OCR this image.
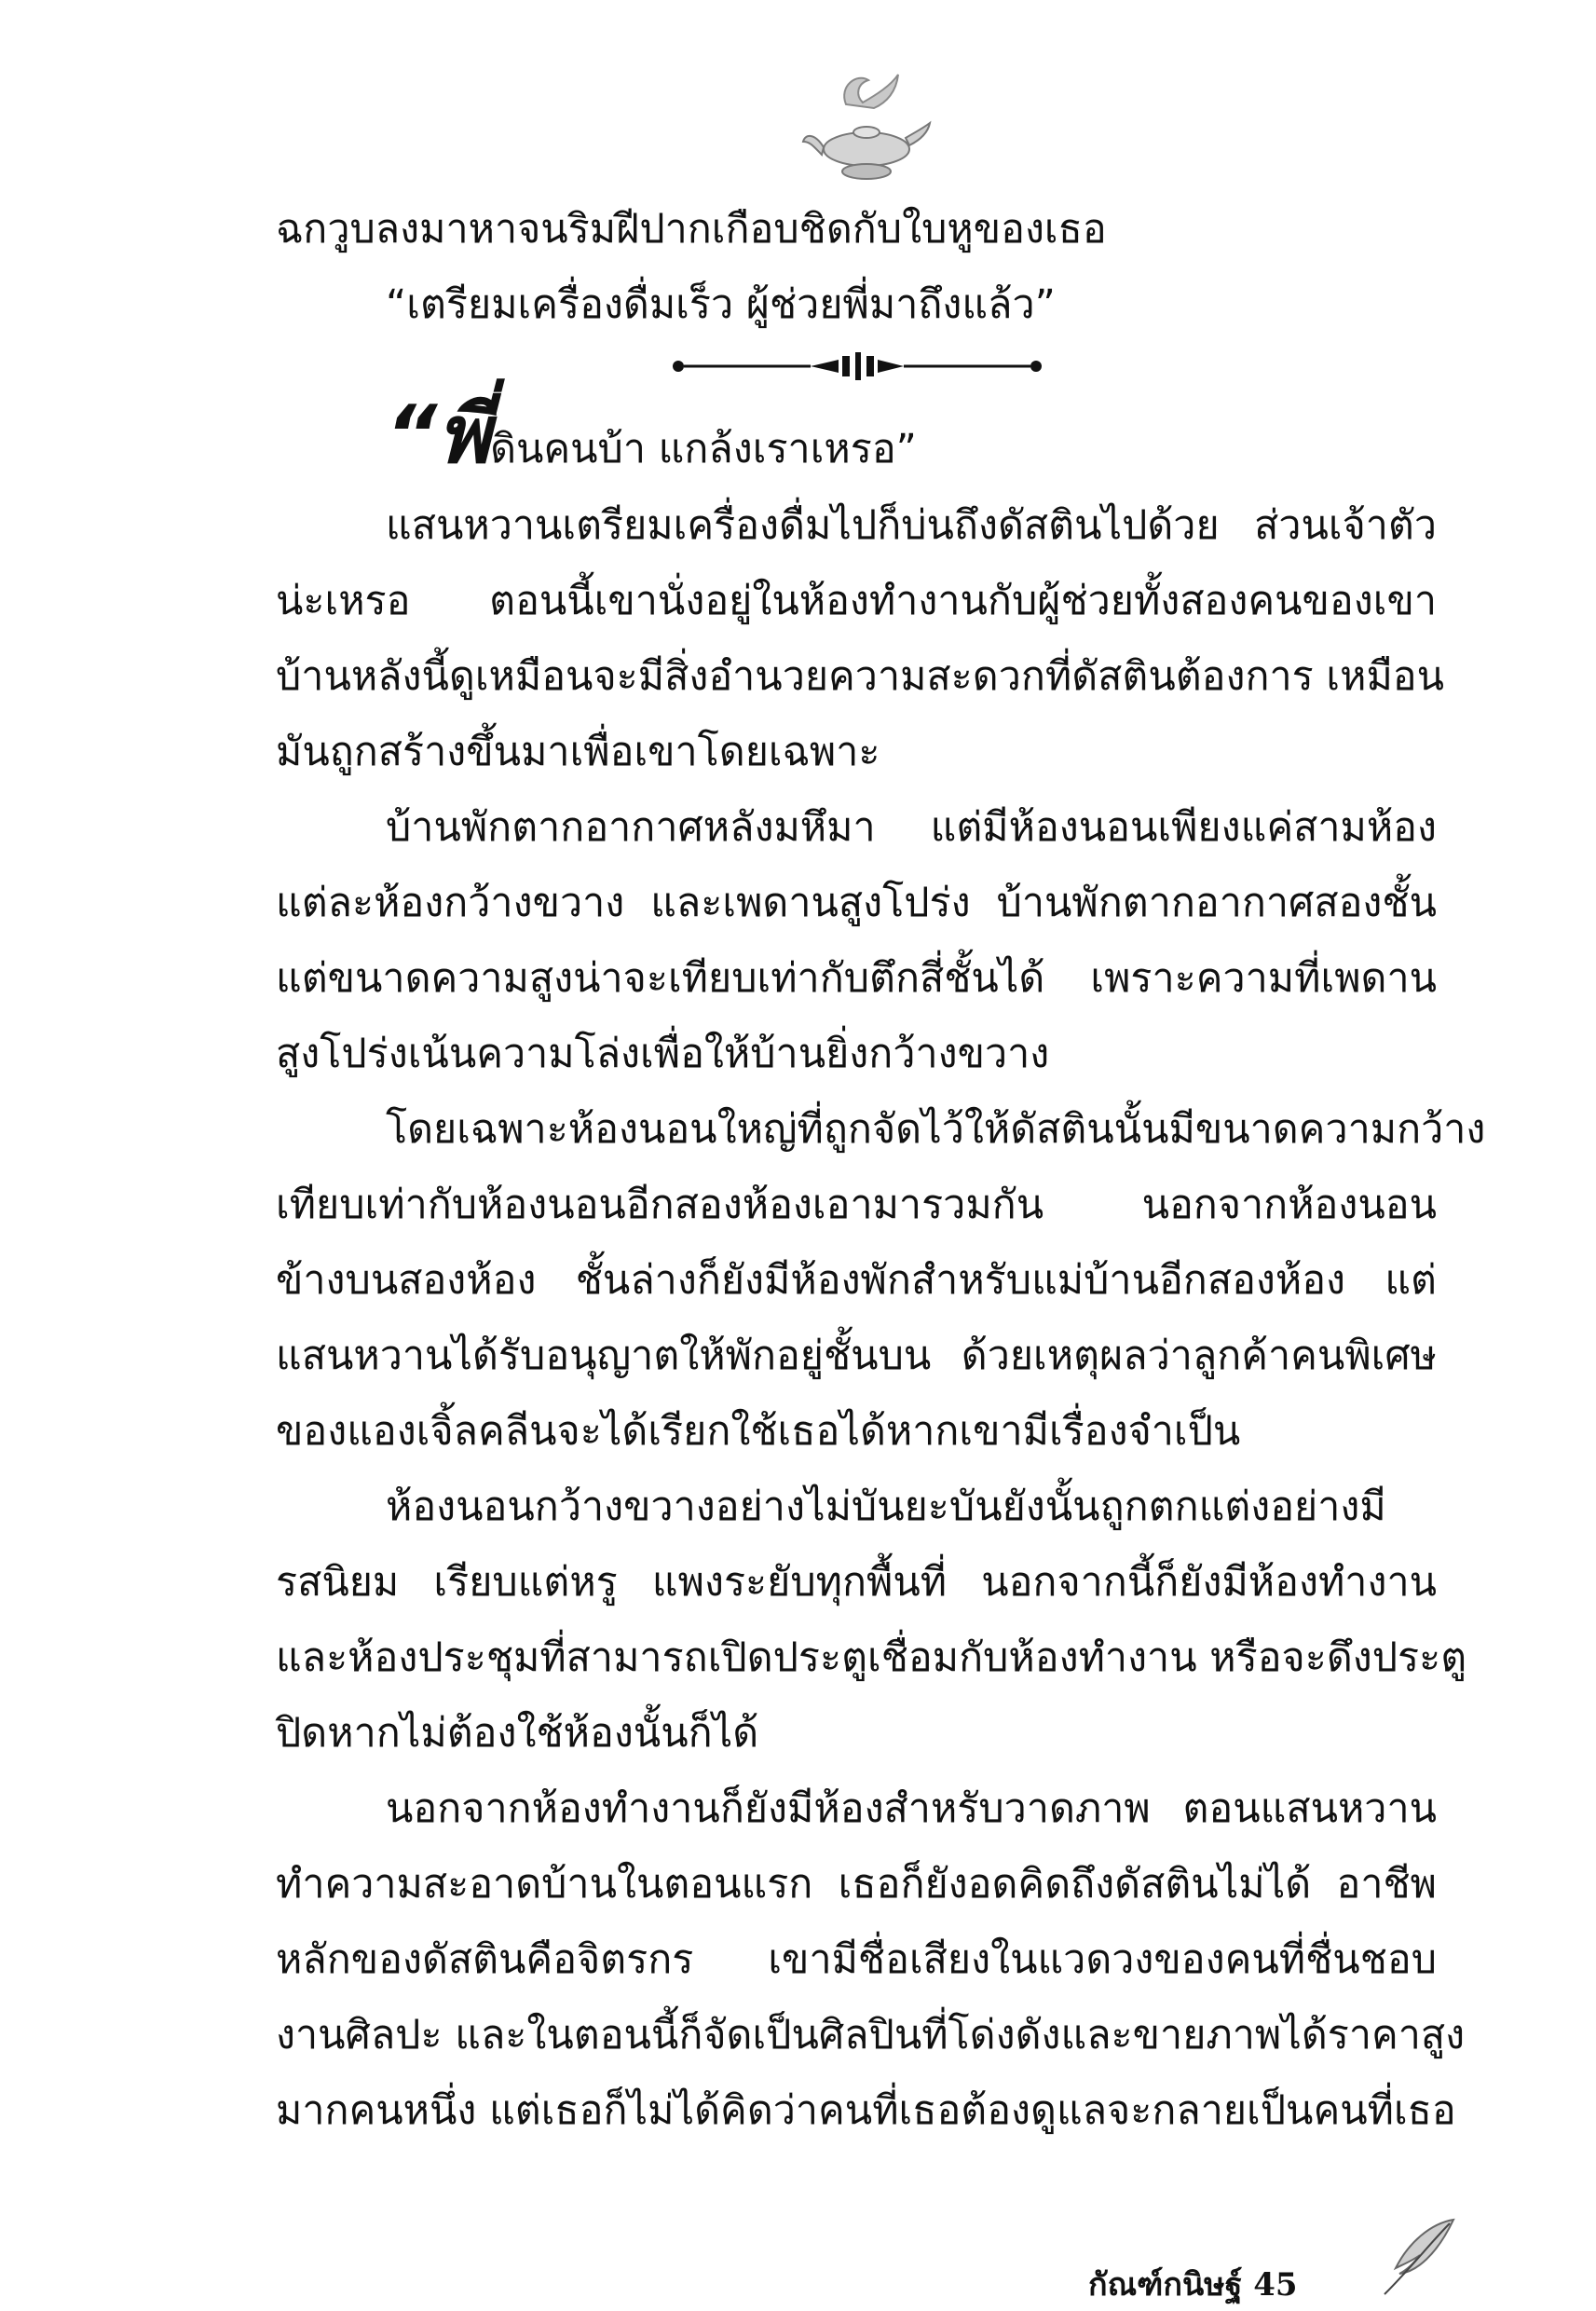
ฉกวูบลงมาหาจนริมฝีปากเกือบชิดกับใบหูของเธอ
“เตรียมเครื่องดื่มเร็ว ผู้ช่วยพี่มาถึงแล้ว”
“พี่ดินคนบ้า แกล้งเราเหรอ”
แสนหวานเตรียมเครื่องดื่มไปก็บ่นถึงดัสตินไปด้วย ส่วนเจ้าตัว
น่ะเหรอ ตอนนี้เขานั่งอยู่ในห้องทำงานกับผู้ช่วยทั้งสองคนของเขา
บ้านหลังนี้ดูเหมือนจะมีสิ่งอำนวยความสะดวกที่ดัสตินต้องการ เหมือน
มันถูกสร้างขึ้นมาเพื่อเขาโดยเฉพาะ
บ้านพักตากอากาศหลังมหึมา แต่มีห้องนอนเพียงแค่สามห้อง
แต่ละห้องกว้างขวาง และเพดานสูงโปร่ง บ้านพักตากอากาศสองชั้น
แต่ขนาดความสูงน่าจะเทียบเท่ากับตึกสี่ชั้นได้ เพราะความที่เพดาน
สูงโปร่งเน้นความโล่งเพื่อให้บ้านยิ่งกว้างขวาง
โดยเฉพาะห้องนอนใหญ่ที่ถูกจัดไว้ให้ดัสตินนั้นมีขนาดความกว้าง
เทียบเท่ากับห้องนอนอีกสองห้องเอามารวมกัน นอกจากห้องนอน
ข้างบนสองห้อง ชั้นล่างก็ยังมีห้องพักสำหรับแม่บ้านอีกสองห้อง แต่
แสนหวานได้รับอนุญาตให้พักอยู่ชั้นบน ด้วยเหตุผลว่าลูกค้าคนพิเศษ
ของแองเจิ้ลคลีนจะได้เรียกใช้เธอได้หากเขามีเรื่องจำเป็น
ห้องนอนกว้างขวางอย่างไม่บันยะบันยังนั้นถูกตกแต่งอย่างมี
รสนิยม เรียบแต่หรู แพงระยับทุกพื้นที่ นอกจากนี้ก็ยังมีห้องทำงาน
และห้องประชุมที่สามารถเปิดประตูเชื่อมกับห้องทำงาน หรือจะดึงประตู
ปิดหากไม่ต้องใช้ห้องนั้นก็ได้
นอกจากห้องทำงานก็ยังมีห้องสำหรับวาดภาพ ตอนแสนหวาน
ทำความสะอาดบ้านในตอนแรก เธอก็ยังอดคิดถึงดัสตินไม่ได้ อาชีพ
หลักของดัสตินคือจิตรกร เขามีชื่อเสียงในแวดวงของคนที่ชื่นชอบ
งานศิลปะ และในตอนนี้ก็จัดเป็นศิลปินที่โด่งดังและขายภาพได้ราคาสูง
มากคนหนึ่ง แต่เธอก็ไม่ได้คิดว่าคนที่เธอต้องดูแลจะกลายเป็นคนที่เธอ
กัณฑ์กนิษฐ์ 45
